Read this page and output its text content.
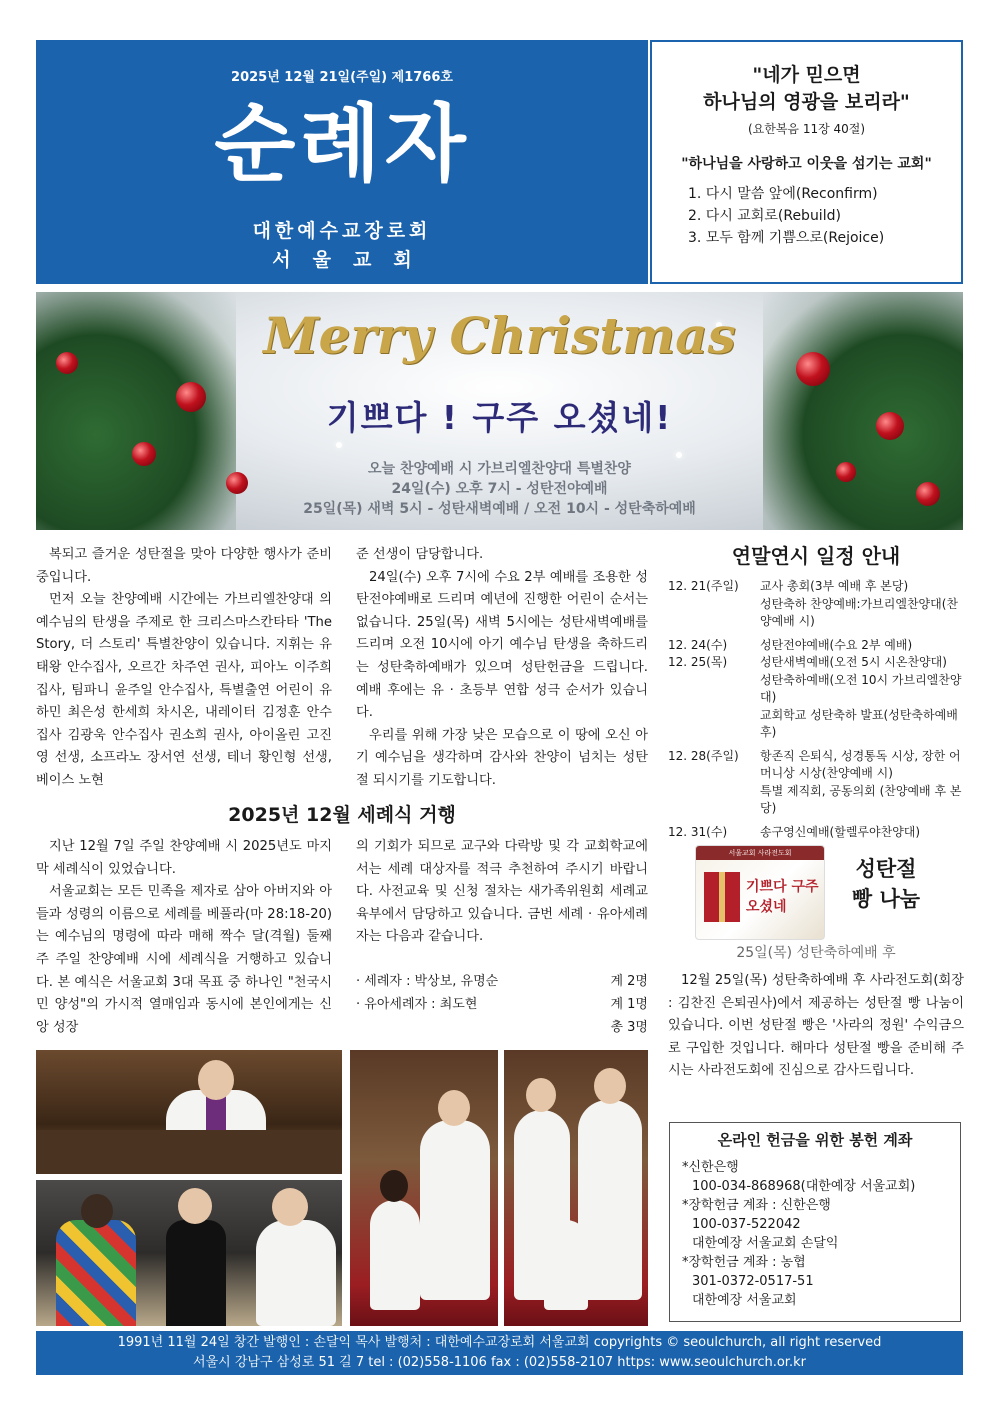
2025년 12월 21일(주일) 제1766호
순례자
대한예수교장로회
서울교회
"네가 믿으면
하나님의 영광을 보리라"
(요한복음 11장 40절)
"하나님을 사랑하고 이웃을 섬기는 교회"
1. 다시 말씀 앞에(Reconfirm)
2. 다시 교회로(Rebuild)
3. 모두 함께 기쁨으로(Rejoice)
Merry Christmas
기쁘다 ! 구주 오셨네!
오늘 찬양예배 시 가브리엘찬양대 특별찬양
24일(수) 오후 7시 - 성탄전야예배
25일(목) 새벽 5시 - 성탄새벽예배 / 오전 10시 - 성탄축하예배

복되고 즐거운 성탄절을 맞아 다양한 행사가 준비 중입니다.

먼저 오늘 찬양예배 시간에는 가브리엘찬양대 의 예수님의 탄생을 주제로 한 크리스마스칸타타 'The Story, 더 스토리' 특별찬양이 있습니다. 지휘는 유태왕 안수집사, 오르간 차주연 권사, 피아노 이주희 집사, 팀파니 윤주일 안수집사, 특별출연 어린이 유하민 최은성 한세희 차시온, 내레이터 김정훈 안수집사 김광욱 안수집사 권소희 권사, 아이올린 고진영 선생, 소프라노 장서연 선생, 테너 황인형 선생, 베이스 노현

준 선생이 담당합니다.

24일(수) 오후 7시에 수요 2부 예배를 조용한 성탄전야예배로 드리며 예년에 진행한 어린이 순서는 없습니다. 25일(목) 새벽 5시에는 성탄새벽예배를 드리며 오전 10시에 아기 예수님 탄생을 축하드리는 성탄축하예배가 있으며 성탄헌금을 드립니다. 예배 후에는 유 · 초등부 연합 성극 순서가 있습니다.

우리를 위해 가장 낮은 모습으로 이 땅에 오신 아기 예수님을 생각하며 감사와 찬양이 넘치는 성탄절 되시기를 기도합니다.

2025년 12월 세례식 거행

지난 12월 7일 주일 찬양예배 시 2025년도 마지막 세례식이 있었습니다.

서울교회는 모든 민족을 제자로 삼아 아버지와 아들과 성령의 이름으로 세례를 베풀라(마 28:18-20)는 예수님의 명령에 따라 매해 짝수 달(격월) 둘째 주 주일 찬양예배 시에 세례식을 거행하고 있습니다. 본 예식은 서울교회 3대 목표 중 하나인 "천국시민 양성"의 가시적 열매임과 동시에 본인에게는 신앙 성장

의 기회가 되므로 교구와 다락방 및 각 교회학교에서는 세례 대상자를 적극 추천하여 주시기 바랍니다. 사전교육 및 신청 절차는 새가족위원회 세례교육부에서 담당하고 있습니다. 금번 세례 · 유아세례자는 다음과 같습니다.

· 세례자 : 박상보, 유명순	계 2명
· 유아세례자 : 최도현	계 1명
총 3명
연말연시 일정 안내
12. 21(주일)	교사 총회(3부 예배 후 본당)
성탄축하 찬양예배:가브리엘찬양대(찬양예배 시)
12. 24(수)	성탄전야예배(수요 2부 예배)
12. 25(목)	성탄새벽예배(오전 5시 시온찬양대)
성탄축하예배(오전 10시 가브리엘찬양대)
교회학교 성탄축하 발표(성탄축하예배 후)
12. 28(주일)	항존직 은퇴식, 성경통독 시상, 장한 어머니상 시상(찬양예배 시)
특별 제직회, 공동의회 (찬양예배 후 본당)
12. 31(수)	송구영신예배(할렐루야찬양대)
서울교회 사라전도회
기쁘다 구주 오셨네
성탄절
빵 나눔
25일(목) 성탄축하예배 후

12월 25일(목) 성탄축하예배 후 사라전도회(회장 : 김찬진 은퇴권사)에서 제공하는 성탄절 빵 나눔이 있습니다. 이번 성탄절 빵은 '사라의 정원' 수익금으로 구입한 것입니다. 해마다 성탄절 빵을 준비해 주시는 사라전도회에 진심으로 감사드립니다.

온라인 헌금을 위한 봉헌 계좌
*신한은행
100-034-868968(대한예장 서울교회)
*장학헌금 계좌 : 신한은행
100-037-522042
대한예장 서울교회 손달익
*장학헌금 계좌 : 농협
301-0372-0517-51
대한예장 서울교회
1991년 11월 24일 창간 발행인 : 손달익 목사 발행처 : 대한예수교장로회 서울교회 copyrights © seoulchurch, all right reserved
서울시 강남구 삼성로 51 길 7 tel : (02)558-1106 fax : (02)558-2107 https: www.seoulchurch.or.kr
